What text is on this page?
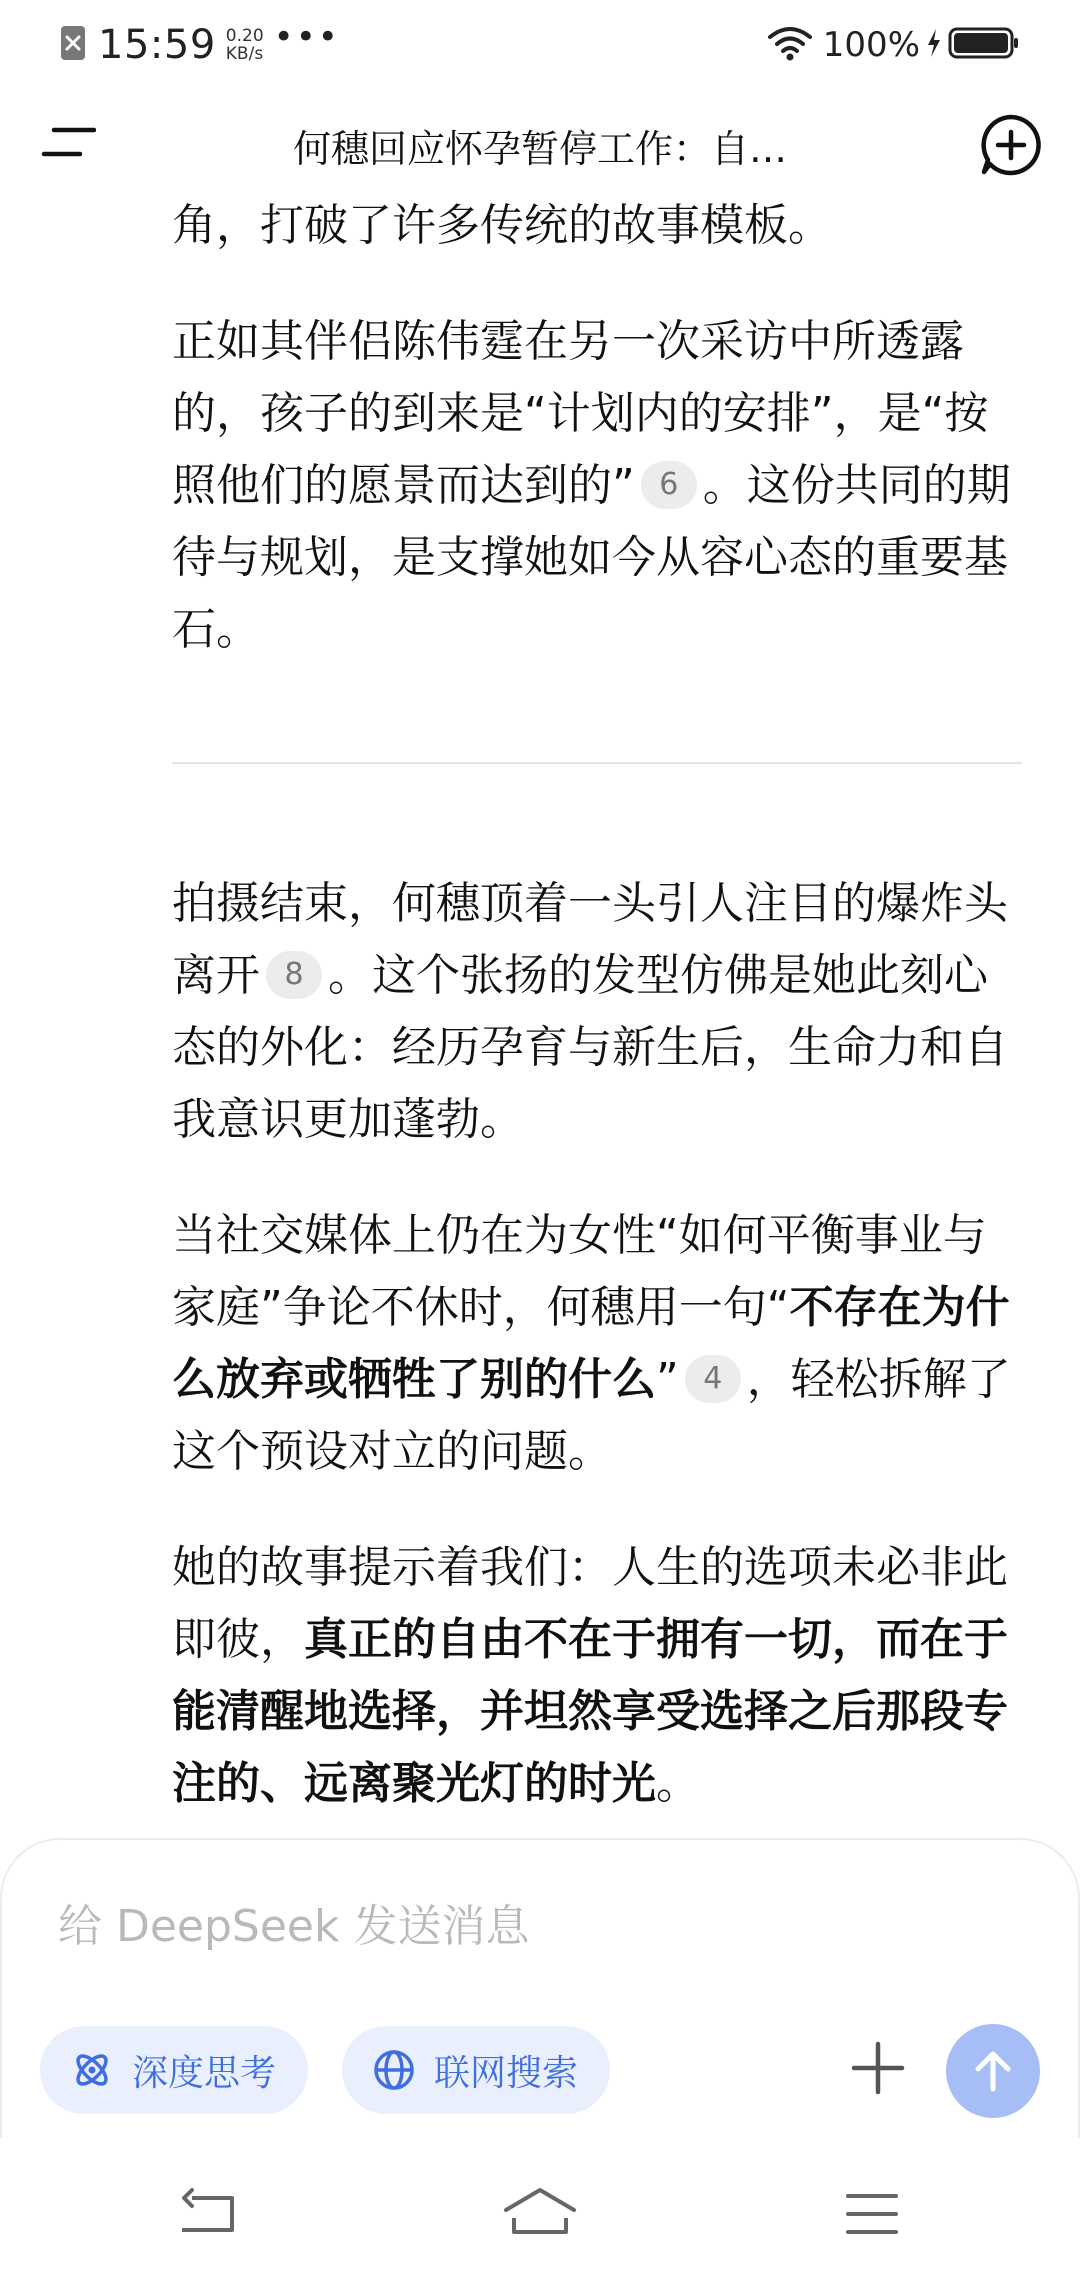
15:59 0.20
KB/s •••	100%
何穗回应怀孕暂停工作：自…

角，打破了许多传统的故事模板。

正如其伴侣陈伟霆在另一次采访中所透露的，孩子的到来是“计划内的安排”，是“按照他们的愿景而达到的” 6 。这份共同的期待与规划，是支撑她如今从容心态的重要基石。

拍摄结束，何穗顶着一头引人注目的爆炸头离开 8 。这个张扬的发型仿佛是她此刻心态的外化：经历孕育与新生后，生命力和自我意识更加蓬勃。

当社交媒体上仍在为女性“如何平衡事业与家庭”争论不休时，何穗用一句“不存在为什么放弃或牺牲了别的什么” 4 ，轻松拆解了这个预设对立的问题。

她的故事提示着我们：人生的选项未必非此即彼，真正的自由不在于拥有一切，而在于能清醒地选择，并坦然享受选择之后那段专注的、远离聚光灯的时光。

给 DeepSeek 发送消息
深度思考	联网搜索
